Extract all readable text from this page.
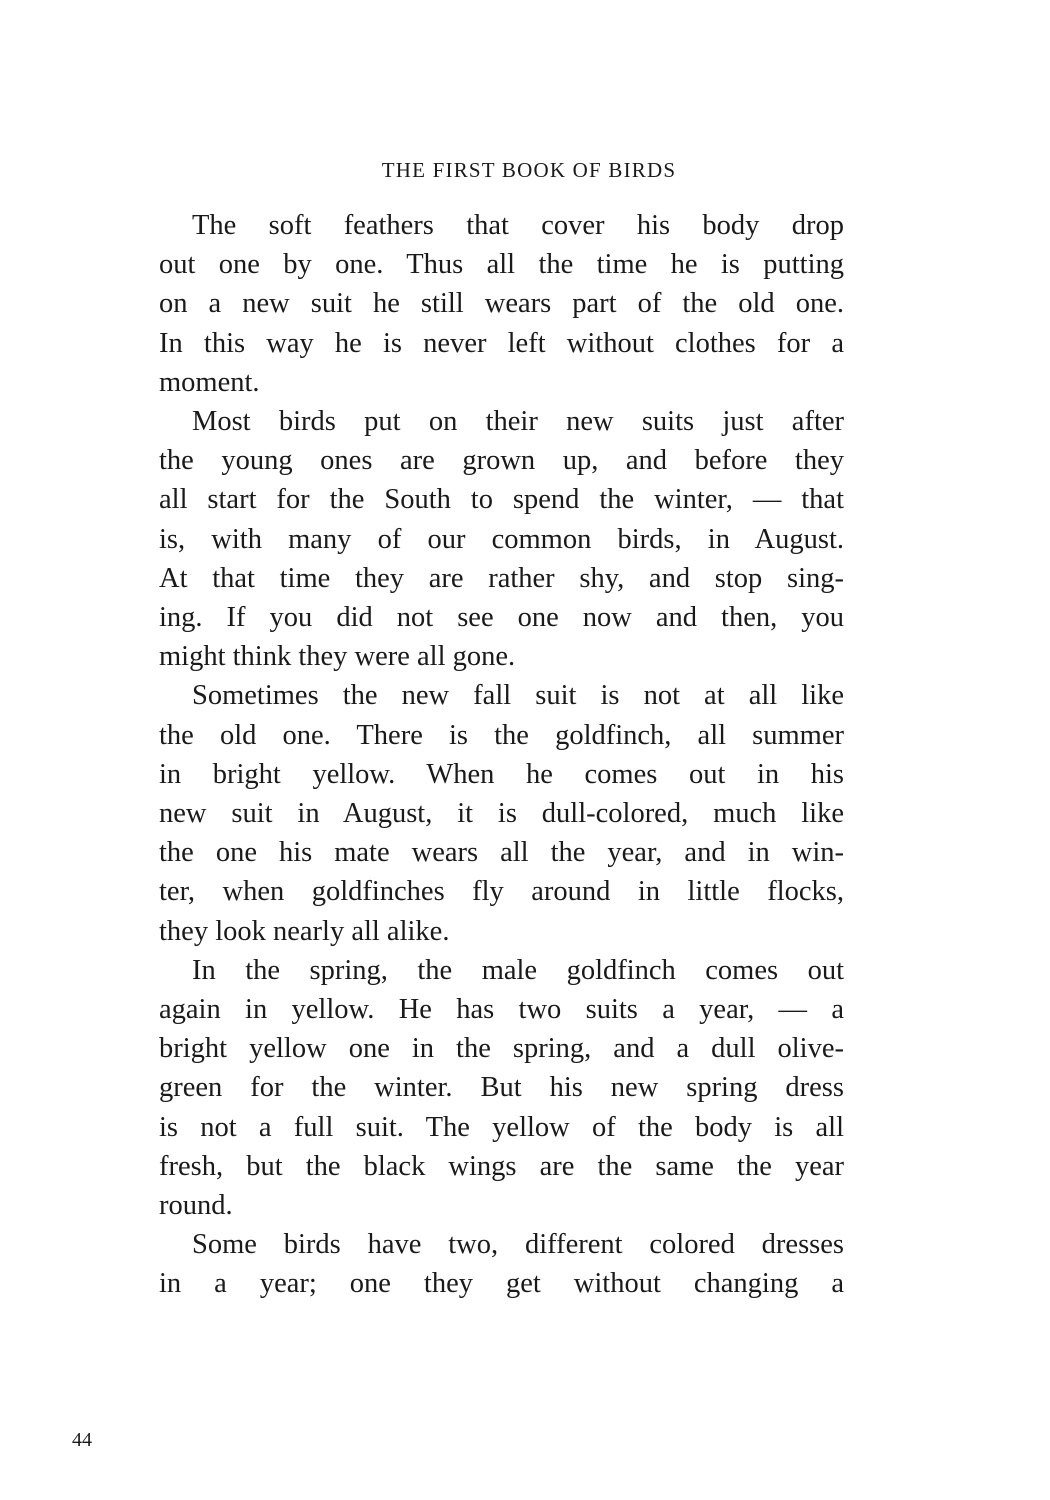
THE FIRST BOOK OF BIRDS
The soft feathers that cover his body drop
out one by one. Thus all the time he is putting
on a new suit he still wears part of the old one.
In this way he is never left without clothes for a
moment.
Most birds put on their new suits just after
the young ones are grown up, and before they
all start for the South to spend the winter, — that
is, with many of our common birds, in August.
At that time they are rather shy, and stop sing-
ing. If you did not see one now and then, you
might think they were all gone.
Sometimes the new fall suit is not at all like
the old one. There is the goldfinch, all summer
in bright yellow. When he comes out in his
new suit in August, it is dull-colored, much like
the one his mate wears all the year, and in win-
ter, when goldfinches fly around in little flocks,
they look nearly all alike.
In the spring, the male goldfinch comes out
again in yellow. He has two suits a year, — a
bright yellow one in the spring, and a dull olive-
green for the winter. But his new spring dress
is not a full suit. The yellow of the body is all
fresh, but the black wings are the same the year
round.
Some birds have two, different colored dresses
in a year; one they get without changing a
44
